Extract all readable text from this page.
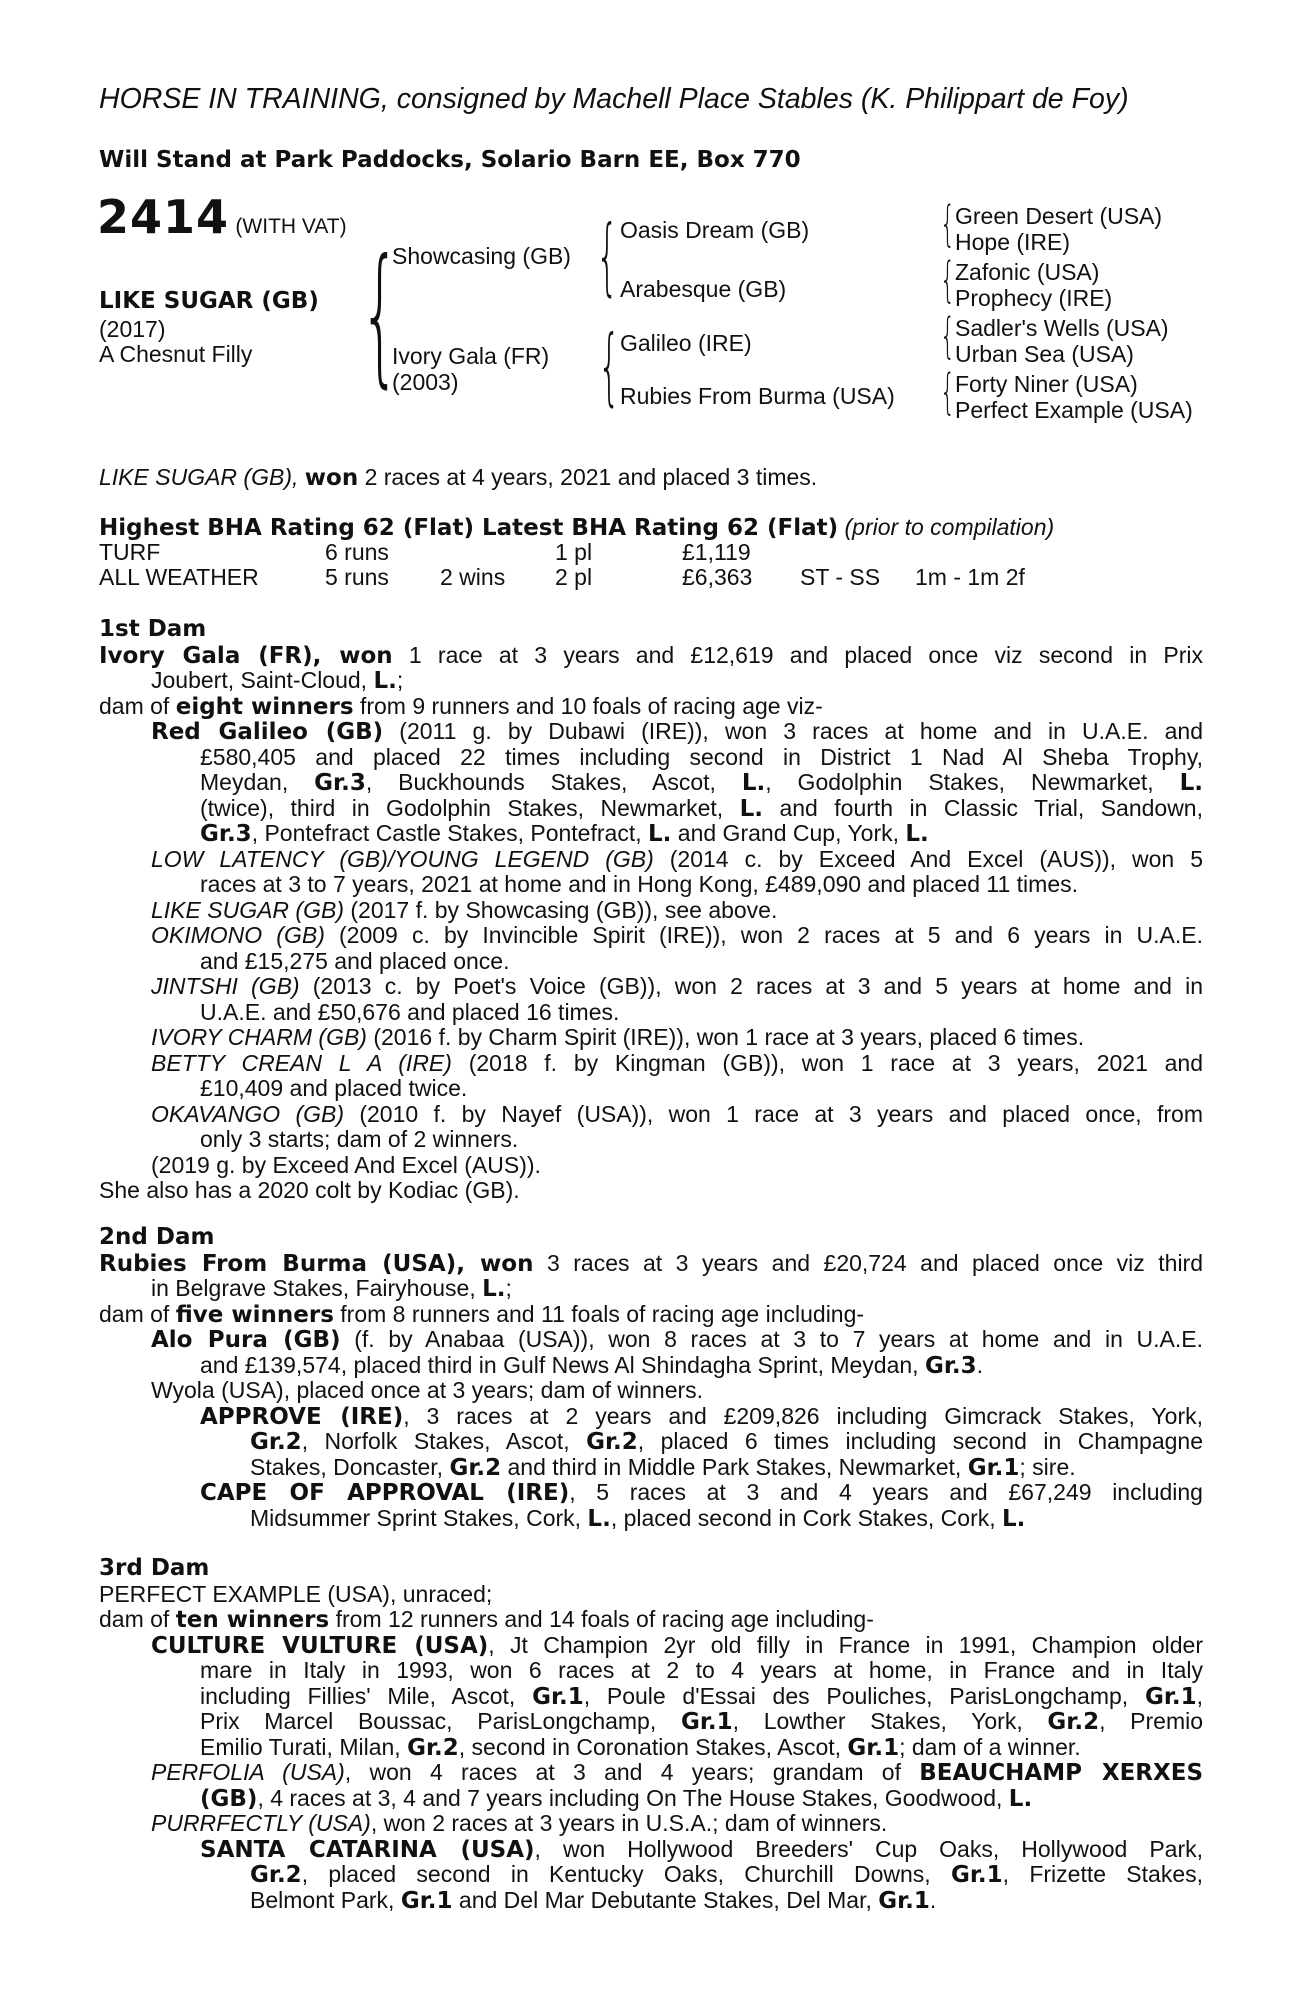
HORSE IN TRAINING, consigned by Machell Place Stables (K. Philippart de Foy)
Will Stand at Park Paddocks, Solario Barn EE, Box 770
2414 (WITH VAT)
LIKE SUGAR (GB)
(2017)
A Chesnut Filly {
Showcasing (GB)
Ivory Gala (FR)
(2003)
{ Oasis Dream (GB)
Arabesque (GB)
{ Galileo (IRE)
Rubies From Burma (USA)
{
{
{
{
Green Desert (USA)
Hope (IRE)
Zafonic (USA)
Prophecy (IRE)
Sadler's Wells (USA)
Urban Sea (USA)
Forty Niner (USA)
Perfect Example (USA)
LIKE SUGAR (GB), won 2 races at 4 years, 2021 and placed 3 times.
Highest BHA Rating 62 (Flat) Latest BHA Rating 62 (Flat) (prior to compilation)
TURF	6 runs	1 pl	£1,119
ALL WEATHER	5 runs 2 wins 2 pl	£6,363 ST - SS 1m - 1m 2f
1st Dam
Ivory Gala (FR), won 1 race at 3 years and £12,619 and placed once viz second in Prix
Joubert, Saint-Cloud, L.;
dam of eight winners from 9 runners and 10 foals of racing age viz-
Red Galileo (GB) (2011 g. by Dubawi (IRE)), won 3 races at home and in U.A.E. and
£580,405 and placed 22 times including second in District 1 Nad Al Sheba Trophy,
Meydan, Gr.3, Buckhounds Stakes, Ascot, L., Godolphin Stakes, Newmarket, L.
(twice), third in Godolphin Stakes, Newmarket, L. and fourth in Classic Trial, Sandown,
Gr.3, Pontefract Castle Stakes, Pontefract, L. and Grand Cup, York, L.
LOW LATENCY (GB)/YOUNG LEGEND (GB) (2014 c. by Exceed And Excel (AUS)), won 5
races at 3 to 7 years, 2021 at home and in Hong Kong, £489,090 and placed 11 times.
LIKE SUGAR (GB) (2017 f. by Showcasing (GB)), see above.
OKIMONO (GB) (2009 c. by Invincible Spirit (IRE)), won 2 races at 5 and 6 years in U.A.E.
and £15,275 and placed once.
JINTSHI (GB) (2013 c. by Poet's Voice (GB)), won 2 races at 3 and 5 years at home and in
U.A.E. and £50,676 and placed 16 times.
IVORY CHARM (GB) (2016 f. by Charm Spirit (IRE)), won 1 race at 3 years, placed 6 times.
BETTY CREAN L A (IRE) (2018 f. by Kingman (GB)), won 1 race at 3 years, 2021 and
£10,409 and placed twice.
OKAVANGO (GB) (2010 f. by Nayef (USA)), won 1 race at 3 years and placed once, from
only 3 starts; dam of 2 winners.
(2019 g. by Exceed And Excel (AUS)).
She also has a 2020 colt by Kodiac (GB).
2nd Dam
Rubies From Burma (USA), won 3 races at 3 years and £20,724 and placed once viz third
in Belgrave Stakes, Fairyhouse, L.;
dam of five winners from 8 runners and 11 foals of racing age including-
Alo Pura (GB) (f. by Anabaa (USA)), won 8 races at 3 to 7 years at home and in U.A.E.
and £139,574, placed third in Gulf News Al Shindagha Sprint, Meydan, Gr.3.
Wyola (USA), placed once at 3 years; dam of winners.
APPROVE (IRE), 3 races at 2 years and £209,826 including Gimcrack Stakes, York,
Gr.2, Norfolk Stakes, Ascot, Gr.2, placed 6 times including second in Champagne
Stakes, Doncaster, Gr.2 and third in Middle Park Stakes, Newmarket, Gr.1; sire.
CAPE OF APPROVAL (IRE), 5 races at 3 and 4 years and £67,249 including
Midsummer Sprint Stakes, Cork, L., placed second in Cork Stakes, Cork, L.
3rd Dam
PERFECT EXAMPLE (USA), unraced;
dam of ten winners from 12 runners and 14 foals of racing age including-
CULTURE VULTURE (USA), Jt Champion 2yr old filly in France in 1991, Champion older
mare in Italy in 1993, won 6 races at 2 to 4 years at home, in France and in Italy
including Fillies' Mile, Ascot, Gr.1, Poule d'Essai des Pouliches, ParisLongchamp, Gr.1,
Prix Marcel Boussac, ParisLongchamp, Gr.1, Lowther Stakes, York, Gr.2, Premio
Emilio Turati, Milan, Gr.2, second in Coronation Stakes, Ascot, Gr.1; dam of a winner.
PERFOLIA (USA), won 4 races at 3 and 4 years; grandam of BEAUCHAMP XERXES
(GB), 4 races at 3, 4 and 7 years including On The House Stakes, Goodwood, L.
PURRFECTLY (USA), won 2 races at 3 years in U.S.A.; dam of winners.
SANTA CATARINA (USA), won Hollywood Breeders' Cup Oaks, Hollywood Park,
Gr.2, placed second in Kentucky Oaks, Churchill Downs, Gr.1, Frizette Stakes,
Belmont Park, Gr.1 and Del Mar Debutante Stakes, Del Mar, Gr.1.
